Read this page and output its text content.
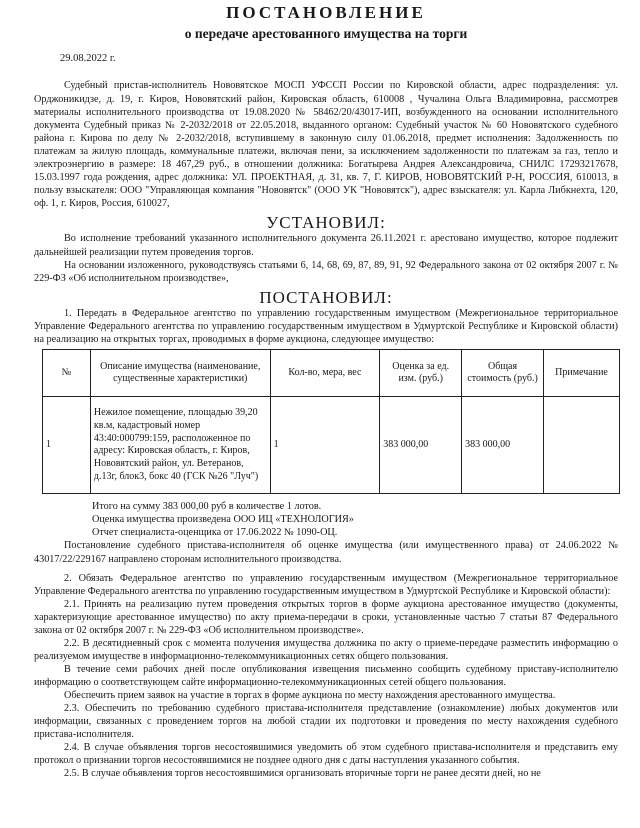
ПОСТАНОВЛЕНИЕ
о передаче арестованного имущества на торги
29.08.2022 г.

Судебный пристав-исполнитель Нововятское МОСП УФССП России по Кировской области, адрес подразделения: ул. Орджоникидзе, д. 19, г. Киров, Нововятский район, Кировская область, 610008 , Чучалина Ольга Владимировна, рассмотрев материалы исполнительного производства от 19.08.2020 № 58462/20/43017-ИП, возбужденного на основании исполнительного документа Судебный приказ № 2-2032/2018 от 22.05.2018, выданного органом: Судебный участок № 60 Нововятского судебного района г. Кирова по делу № 2-2032/2018, вступившему в законную силу 01.06.2018, предмет исполнения: Задолженность по платежам за жилую площадь, коммунальные платежи, включая пени, за исключением задолженности по платежам за газ, тепло и электроэнергию в размере: 18 467,29 руб., в отношении должника: Богатырева Андрея Александровича, СНИЛС 17293217678, 15.03.1997 года рождения, адрес должника: УЛ. ПРОЕКТНАЯ, д. 31, кв. 7, Г. КИРОВ, НОВОВЯТСКИЙ Р-Н, РОССИЯ, 610013, в пользу взыскателя: ООО "Управляющая компания "Нововятск" (ООО УК "Нововятск"), адрес взыскателя: ул. Карла Либкнехта, 120, оф. 1, г. Киров, Россия, 610027,

УСТАНОВИЛ:

Во исполнение требований указанного исполнительного документа 26.11.2021 г. арестовано имущество, которое подлежит дальнейшей реализации путем проведения торгов.

На основании изложенного, руководствуясь статьями 6, 14, 68, 69, 87, 89, 91, 92 Федерального закона от 02 октября 2007 г. № 229-ФЗ «Об исполнительном производстве»,

ПОСТАНОВИЛ:

1. Передать в Федеральное агентство по управлению государственным имуществом (Межрегиональное территориальное Управление Федерального агентства по управлению государственным имуществом в Удмуртской Республике и Кировской области) на реализацию на открытых торгах, проводимых в форме аукциона, следующее имущество:

№	Описание имущества (наименование, существенные характеристики)	Кол-во, мера, вес	Оценка за ед. изм. (руб.)	Общая стоимость (руб.)	Примечание
1	Нежилое помещение, площадью 39,20 кв.м, кадастровый номер 43:40:000799:159, расположенное по адресу: Кировская область, г. Киров, Нововятский район, ул. Ветеранов, д.13г, блок3, бокс 40 (ГСК №26 "Луч")	1	383 000,00	383 000,00	

Итого на сумму 383 000,00 руб в количестве 1 лотов.

Оценка имущества произведена ООО ИЦ «ТЕХНОЛОГИЯ»

Отчет специалиста-оценщика от 17.06.2022 № 1090-ОЦ.

Постановление судебного пристава-исполнителя об оценке имущества (или имущественного права) от 24.06.2022 № 43017/22/229167 направлено сторонам исполнительного производства.

2. Обязать Федеральное агентство по управлению государственным имуществом (Межрегиональное территориальное Управление Федерального агентства по управлению государственным имуществом в Удмуртской Республике и Кировской области):

2.1. Принять на реализацию путем проведения открытых торгов в форме аукциона арестованное имущество (документы, характеризующие арестованное имущество) по акту приема-передачи в сроки, установленные частью 7 статьи 87 Федерального закона от 02 октября 2007 г. № 229-ФЗ «Об исполнительном производстве».

2.2. В десятидневный срок с момента получения имущества должника по акту о приеме-передаче разместить информацию о реализуемом имуществе в информационно-телекоммуникационных сетях общего пользования.

В течение семи рабочих дней после опубликования извещения письменно сообщить судебному приставу-исполнителю информацию о соответствующем сайте информационно-телекоммуникационных сетей общего пользования.

Обеспечить прием заявок на участие в торгах в форме аукциона по месту нахождения арестованного имущества.

2.3. Обеспечить по требованию судебного пристава-исполнителя представление (ознакомление) любых документов или информации, связанных с проведением торгов на любой стадии их подготовки и проведения по месту нахождения судебного пристава-исполнителя.

2.4. В случае объявления торгов несостоявшимися уведомить об этом судебного пристава-исполнителя и представить ему протокол о признании торгов несостоявшимися не позднее одного дня с даты наступления указанного события.

2.5. В случае объявления торгов несостоявшимися организовать вторичные торги не ранее десяти дней, но не
